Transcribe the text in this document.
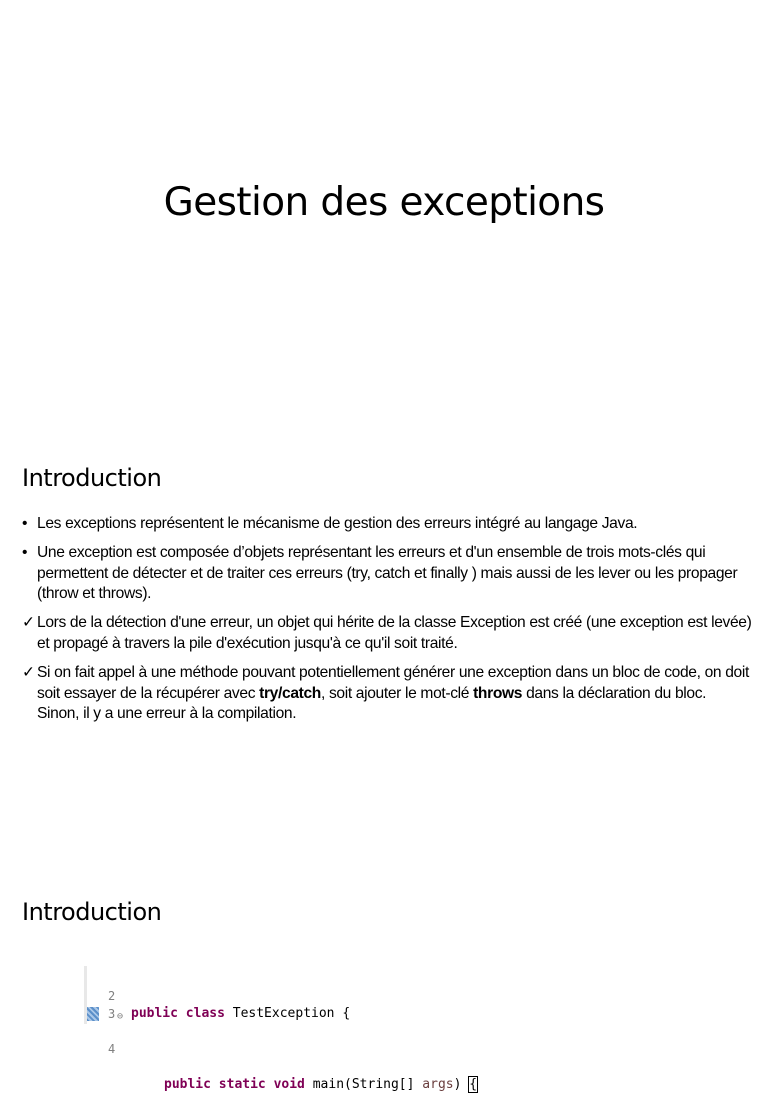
Gestion des exceptions
Introduction
• Les exceptions représentent le mécanisme de gestion des erreurs intégré au langage Java.
• Une exception est composée d’objets représentant les erreurs et d'un ensemble de trois mots-clés qui permettent de détecter et de traiter ces erreurs (try, catch et finally ) mais aussi de les lever ou les propager (throw et throws).
✓ Lors de la détection d'une erreur, un objet qui hérite de la classe Exception est créé (une exception est levée) et propagé à travers la pile d'exécution jusqu'à ce qu'il soit traité.
✓ Si on fait appel à une méthode pouvant potentiellement générer une exception dans un bloc de code, on doit soit essayer de la récupérer avec try/catch, soit ajouter le mot-clé throws dans la déclaration du bloc. Sinon, il y a une erreur à la compilation.
Introduction

2

public class TestException {

3

4

⊖

public static void main(String[] args) {
